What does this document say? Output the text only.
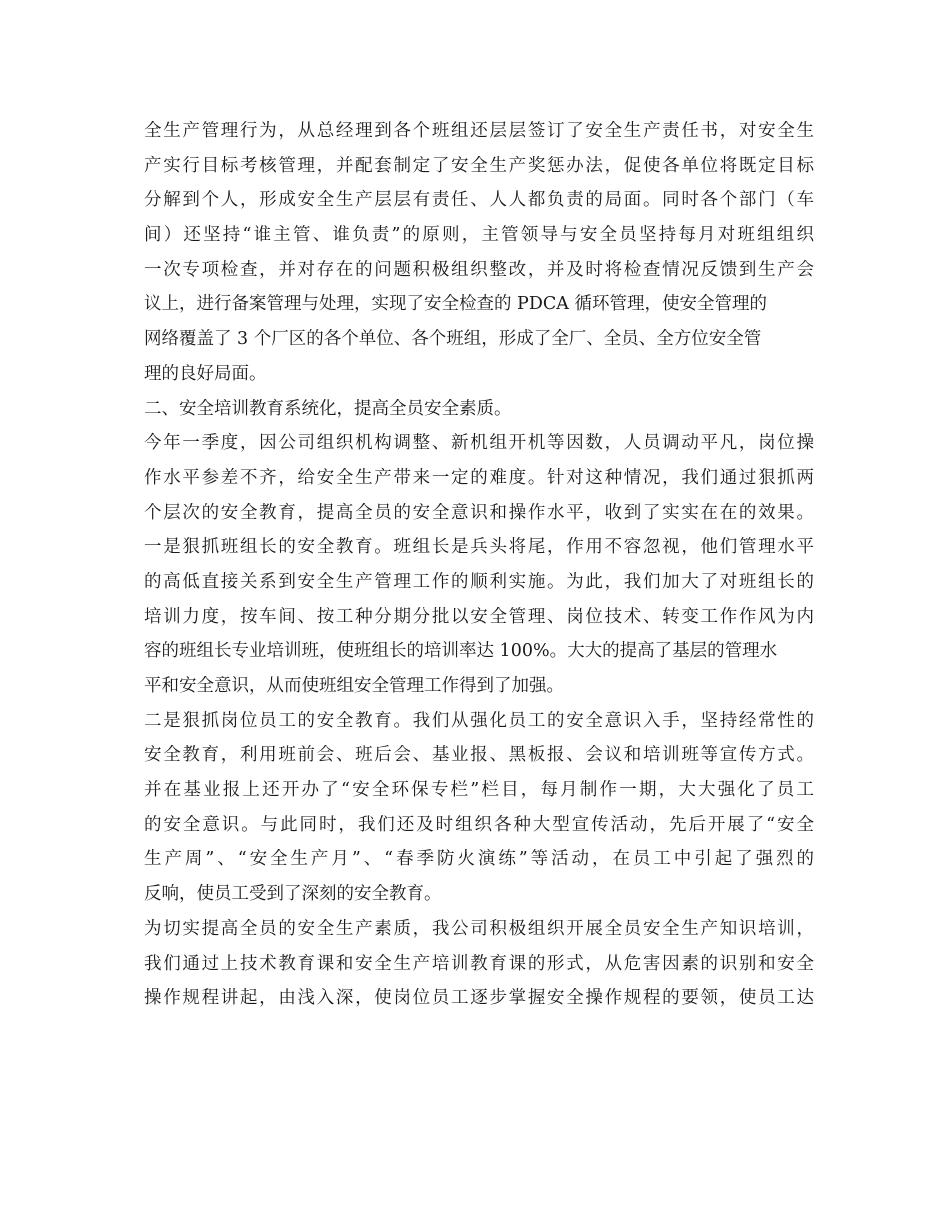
全生产管理行为，从总经理到各个班组还层层签订了安全生产责任书，对安全生
产实行目标考核管理，并配套制定了安全生产奖惩办法，促使各单位将既定目标
分解到个人，形成安全生产层层有责任、人人都负责的局面。同时各个部门（车
间）还坚持“谁主管、谁负责”的原则，主管领导与安全员坚持每月对班组组织
一次专项检查，并对存在的问题积极组织整改，并及时将检查情况反馈到生产会
议上，进行备案管理与处理，实现了安全检查的 PDCA 循环管理，使安全管理的
网络覆盖了 3 个厂区的各个单位、各个班组，形成了全厂、全员、全方位安全管
理的良好局面。
二、安全培训教育系统化，提高全员安全素质。
今年一季度，因公司组织机构调整、新机组开机等因数，人员调动平凡，岗位操
作水平参差不齐，给安全生产带来一定的难度。针对这种情况，我们通过狠抓两
个层次的安全教育，提高全员的安全意识和操作水平，收到了实实在在的效果。
一是狠抓班组长的安全教育。班组长是兵头将尾，作用不容忽视，他们管理水平
的高低直接关系到安全生产管理工作的顺利实施。为此，我们加大了对班组长的
培训力度，按车间、按工种分期分批以安全管理、岗位技术、转变工作作风为内
容的班组长专业培训班，使班组长的培训率达 100%。大大的提高了基层的管理水
平和安全意识，从而使班组安全管理工作得到了加强。
二是狠抓岗位员工的安全教育。我们从强化员工的安全意识入手，坚持经常性的
安全教育，利用班前会、班后会、基业报、黑板报、会议和培训班等宣传方式。
并在基业报上还开办了“安全环保专栏”栏目，每月制作一期，大大强化了员工
的安全意识。与此同时，我们还及时组织各种大型宣传活动，先后开展了“安全
生产周”、“安全生产月”、“春季防火演练”等活动，在员工中引起了强烈的
反响，使员工受到了深刻的安全教育。
为切实提高全员的安全生产素质，我公司积极组织开展全员安全生产知识培训，
我们通过上技术教育课和安全生产培训教育课的形式，从危害因素的识别和安全
操作规程讲起，由浅入深，使岗位员工逐步掌握安全操作规程的要领，使员工达
